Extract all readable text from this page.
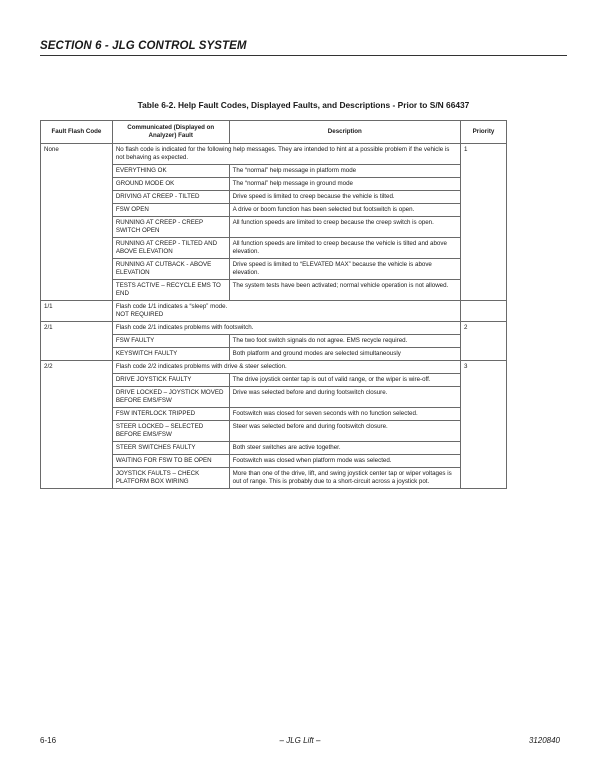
SECTION 6 - JLG CONTROL SYSTEM
Table 6-2. Help Fault Codes, Displayed Faults, and Descriptions - Prior to S/N 66437
Fault Flash Code	Communicated (Displayed on Analyzer) Fault	Description	Priority
None	No flash code is indicated for the following help messages. They are intended to hint at a possible problem if the vehicle is not behaving as expected.		1
	EVERYTHING OK	The “normal” help message in platform mode	
	GROUND MODE OK	The “normal” help message in ground mode	
	DRIVING AT CREEP - TILTED	Drive speed is limited to creep because the vehicle is tilted.	
	FSW OPEN	A drive or boom function has been selected but footswitch is open.	
	RUNNING AT CREEP - CREEP SWITCH OPEN	All function speeds are limited to creep because the creep switch is open.	
	RUNNING AT CREEP - TILTED AND ABOVE ELEVATION	All function speeds are limited to creep because the vehicle is tilted and above elevation.	
	RUNNING AT CUTBACK - ABOVE ELEVATION	Drive speed is limited to “ELEVATED MAX” because the vehicle is above elevation.	
	TESTS ACTIVE – RECYCLE EMS TO END	The system tests have been activated; normal vehicle operation is not allowed.	
1/1	Flash code 1/1 indicates a “sleep” mode.
NOT REQUIRED		
2/1	Flash code 2/1 indicates problems with footswitch.		2
	FSW FAULTY	The two foot switch signals do not agree. EMS recycle required.	
	KEYSWITCH FAULTY	Both platform and ground modes are selected simultaneously	
2/2	Flash code 2/2 indicates problems with drive & steer selection.		3
	DRIVE JOYSTICK FAULTY	The drive joystick center tap is out of valid range, or the wiper is wire-off.	
	DRIVE LOCKED – JOYSTICK MOVED BEFORE EMS/FSW	Drive was selected before and during footswitch closure.	
	FSW INTERLOCK TRIPPED	Footswitch was closed for seven seconds with no function selected.	
	STEER LOCKED – SELECTED BEFORE EMS/FSW	Steer was selected before and during footswitch closure.	
	STEER SWITCHES FAULTY	Both steer switches are active together.	
	WAITING FOR FSW TO BE OPEN	Footswitch was closed when platform mode was selected.	
	JOYSTICK FAULTS – CHECK PLATFORM BOX WIRING	More than one of the drive, lift, and swing joystick center tap or wiper voltages is out of range. This is probably due to a short-circuit across a joystick pot.	
6-16	– JLG Lift –	3120840
